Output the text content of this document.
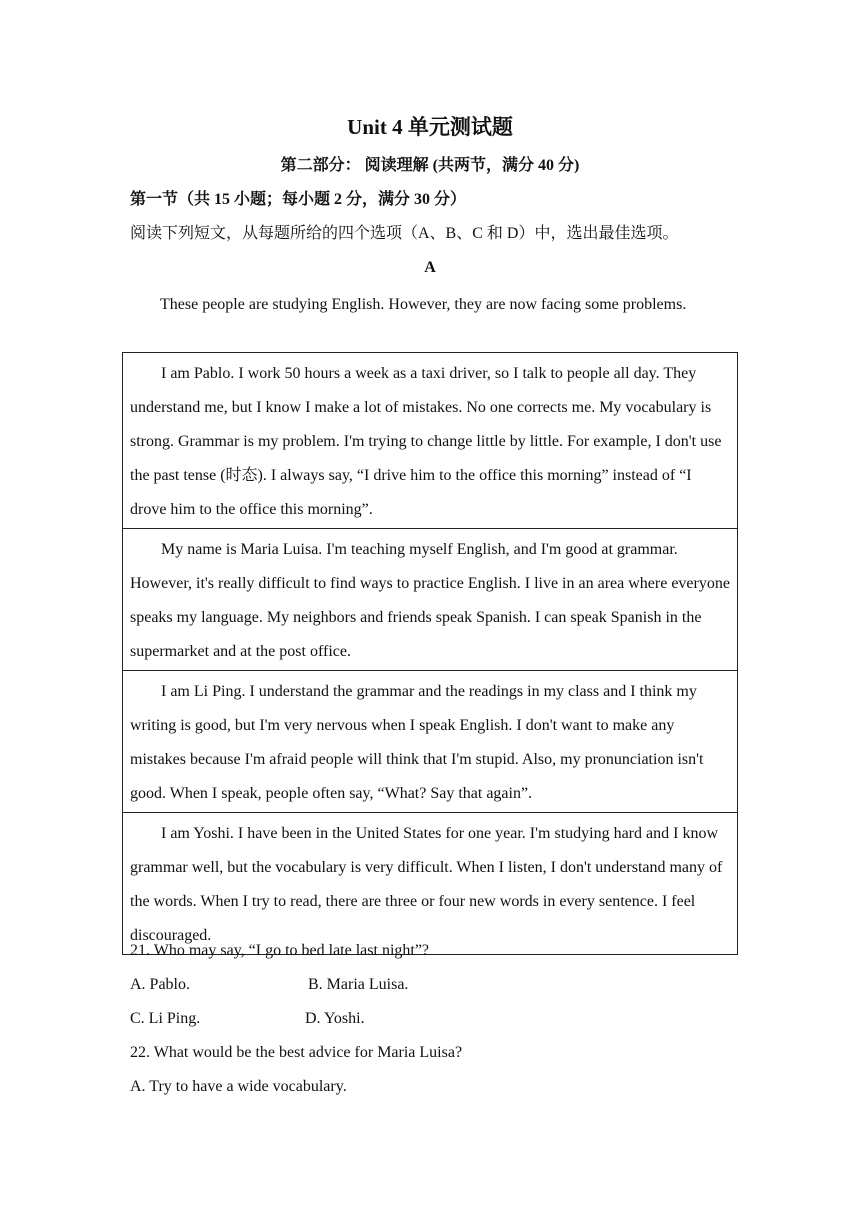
Unit 4 单元测试题

第二部分： 阅读理解 (共两节，满分 40 分)

第一节（共 15 小题；每小题 2 分，满分 30 分）

阅读下列短文，从每题所给的四个选项（A、B、C 和 D）中，选出最佳选项。

A

These people are studying English. However, they are now facing some problems.

I am Pablo. I work 50 hours a week as a taxi driver, so I talk to people all day. They understand me, but I know I make a lot of mistakes. No one corrects me. My vocabulary is strong. Grammar is my problem. I'm trying to change little by little. For example, I don't use the past tense (时态). I always say, “I drive him to the office this morning” instead of “I drove him to the office this morning”.
My name is Maria Luisa. I'm teaching myself English, and I'm good at grammar. However, it's really difficult to find ways to practice English. I live in an area where everyone speaks my language. My neighbors and friends speak Spanish. I can speak Spanish in the supermarket and at the post office.
I am Li Ping. I understand the grammar and the readings in my class and I think my writing is good, but I'm very nervous when I speak English. I don't want to make any mistakes because I'm afraid people will think that I'm stupid. Also, my pronunciation isn't good. When I speak, people often say, “What? Say that again”.
I am Yoshi. I have been in the United States for one year. I'm studying hard and I know grammar well, but the vocabulary is very difficult. When I listen, I don't understand many of the words. When I try to read, there are three or four new words in every sentence. I feel discouraged.

21. Who may say, “I go to bed late last night”?

A. Pablo.	B. Maria Luisa.

C. Li Ping.	D. Yoshi.

22. What would be the best advice for Maria Luisa?

A. Try to have a wide vocabulary.
